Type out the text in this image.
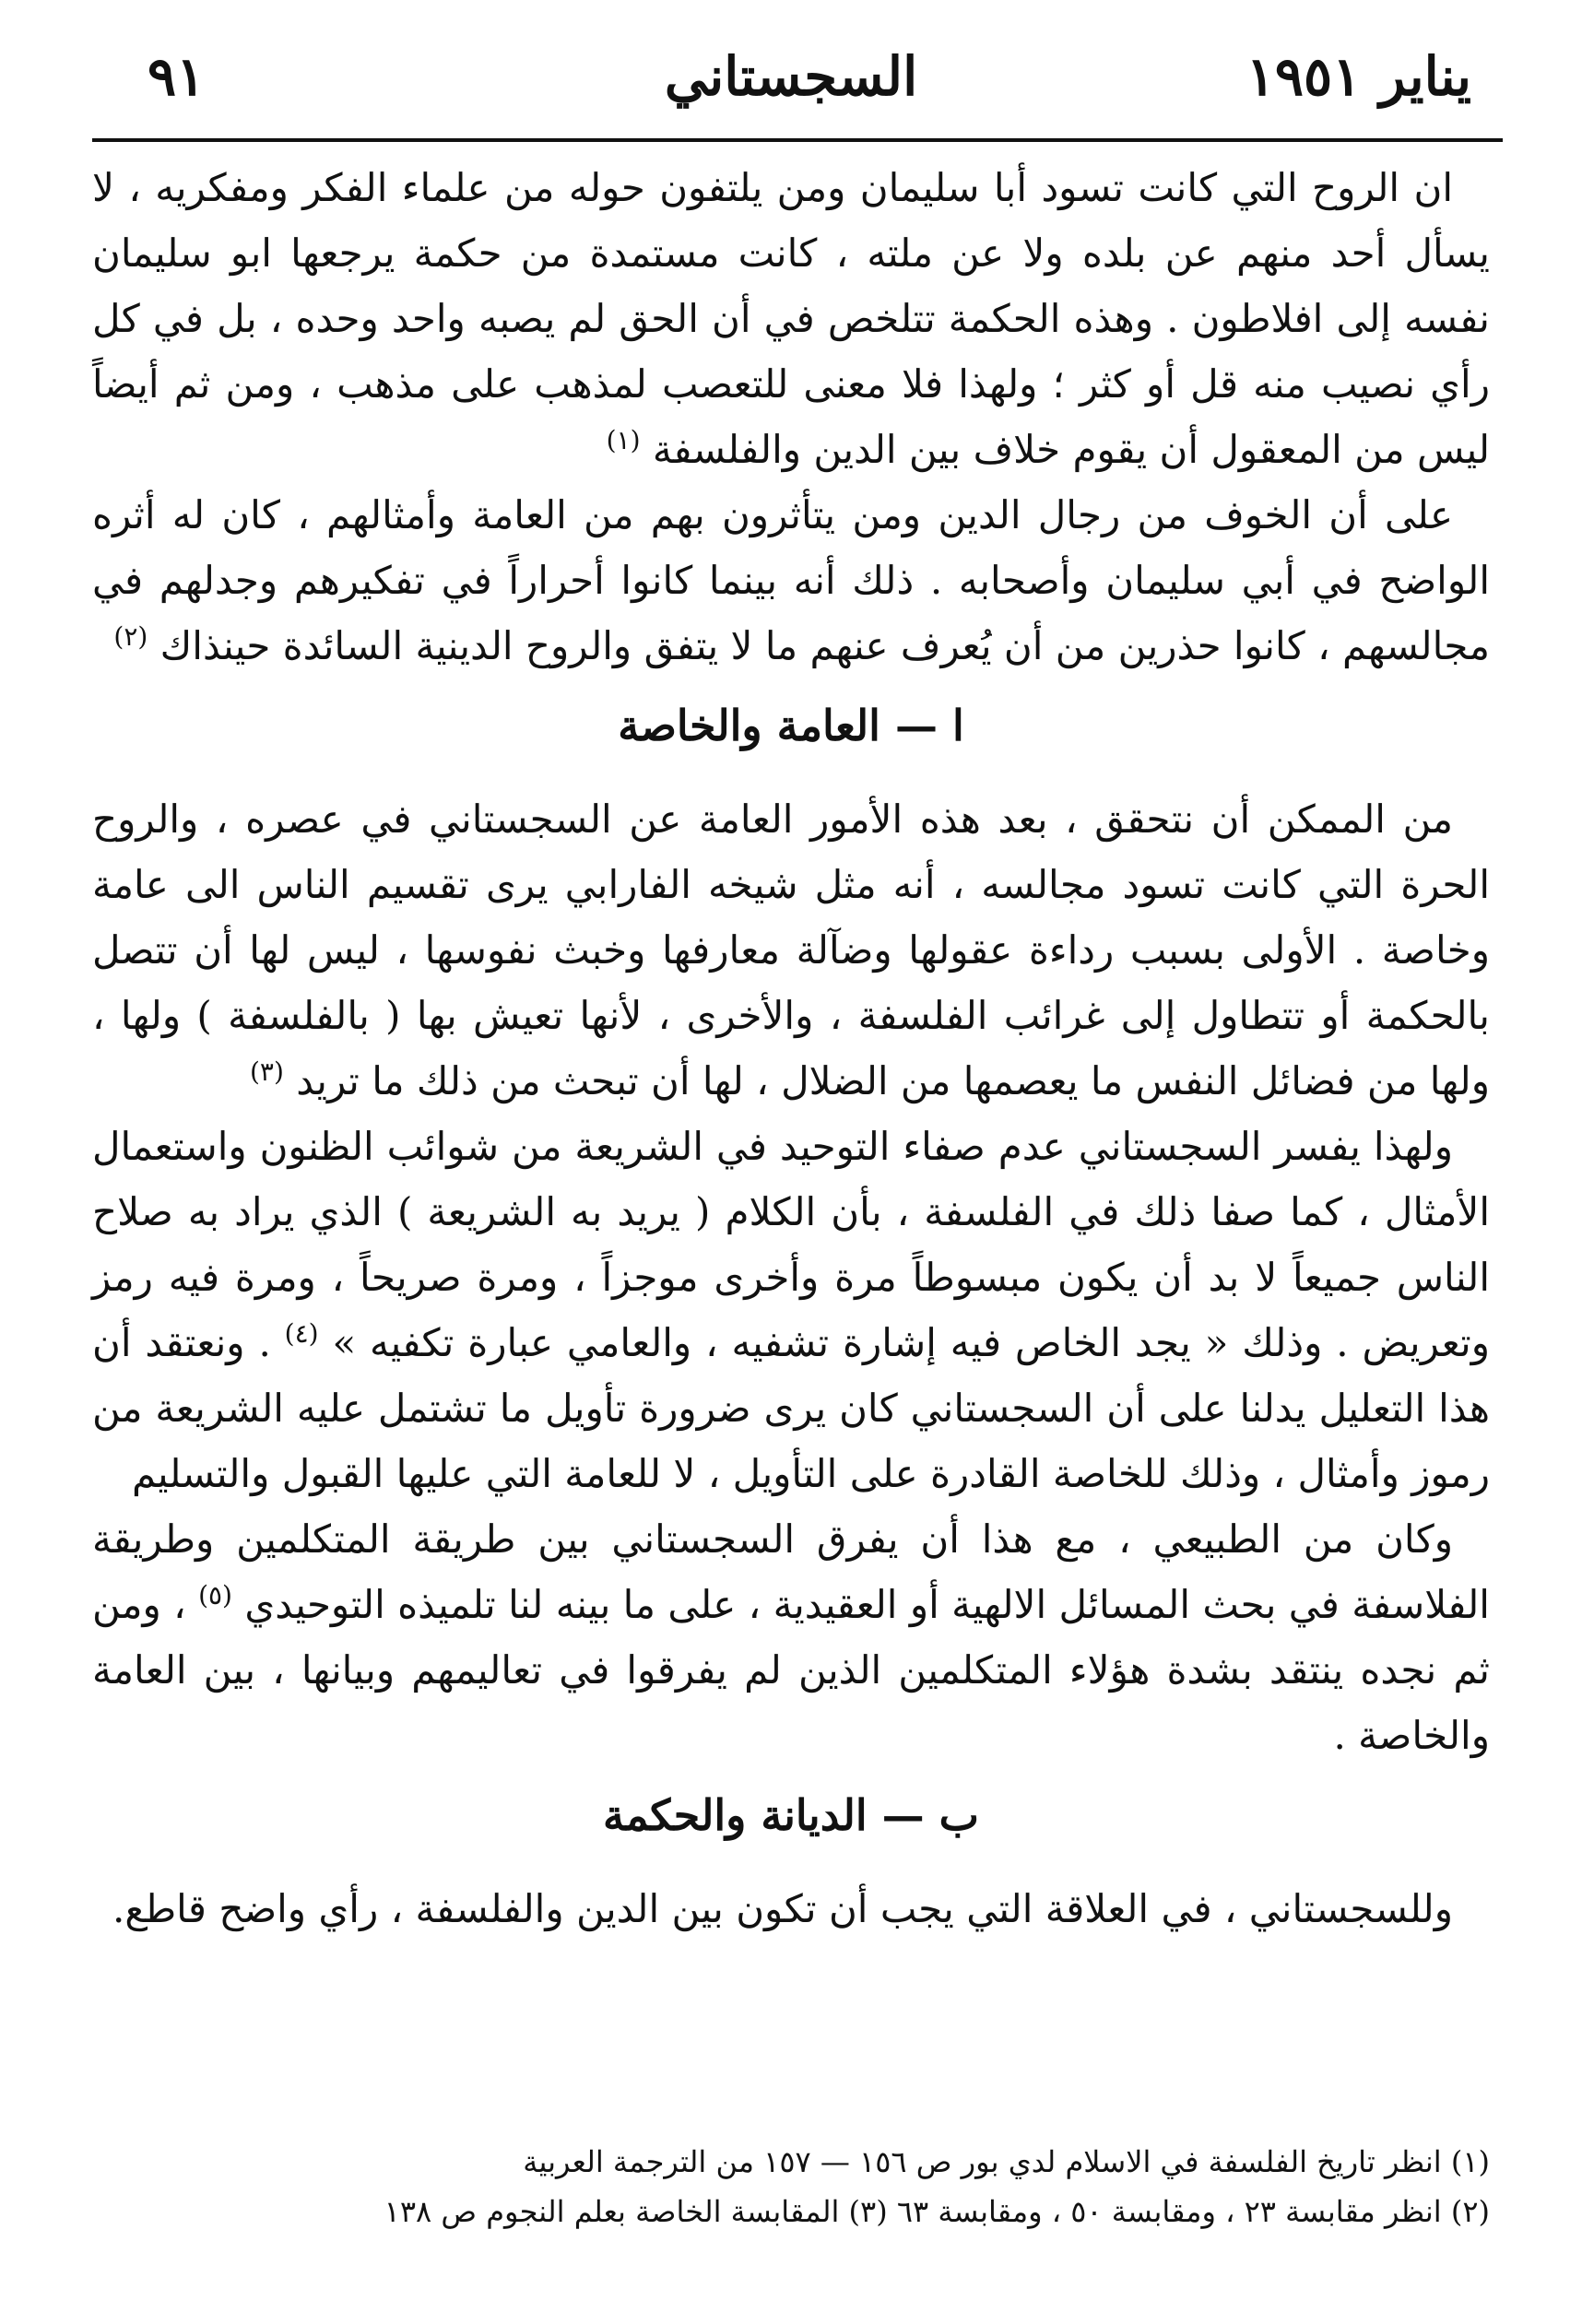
يناير ١٩٥١
السجستاني
٩١

ان الروح التي كانت تسود أبا سليمان ومن يلتفون حوله من علماء الفكر ومفكريه ، لا يسأل أحد منهم عن بلده ولا عن ملته ، كانت مستمدة من حكمة يرجعها ابو سليمان نفسه إلى افلاطون . وهذه الحكمة تتلخص في أن الحق لم يصبه واحد وحده ، بل في كل رأي نصيب منه قل أو كثر ؛ ولهذا فلا معنى للتعصب لمذهب على مذهب ، ومن ثم أيضاً ليس من المعقول أن يقوم خلاف بين الدين والفلسفة $^{(١)}$

على أن الخوف من رجال الدين ومن يتأثرون بهم من العامة وأمثالهم ، كان له أثره الواضح في أبي سليمان وأصحابه . ذلك أنه بينما كانوا أحراراً في تفكيرهم وجدلهم في مجالسهم ، كانوا حذرين من أن يُعرف عنهم ما لا يتفق والروح الدينية السائدة حينذاك $^{(٢)}$

ا — العامة والخاصة

من الممكن أن نتحقق ، بعد هذه الأمور العامة عن السجستاني في عصره ، والروح الحرة التي كانت تسود مجالسه ، أنه مثل شيخه الفارابي يرى تقسيم الناس الى عامة وخاصة . الأولى بسبب رداءة عقولها وضآلة معارفها وخبث نفوسها ، ليس لها أن تتصل بالحكمة أو تتطاول إلى غرائب الفلسفة ، والأخرى ، لأنها تعيش بها ( بالفلسفة ) ولها ، ولها من فضائل النفس ما يعصمها من الضلال ، لها أن تبحث من ذلك ما تريد $^{(٣)}$

ولهذا يفسر السجستاني عدم صفاء التوحيد في الشريعة من شوائب الظنون واستعمال الأمثال ، كما صفا ذلك في الفلسفة ، بأن الكلام ( يريد به الشريعة ) الذي يراد به صلاح الناس جميعاً لا بد أن يكون مبسوطاً مرة وأخرى موجزاً ، ومرة صريحاً ، ومرة فيه رمز وتعريض . وذلك « يجد الخاص فيه إشارة تشفيه ، والعامي عبارة تكفيه » $^{(٤)}$ . ونعتقد أن هذا التعليل يدلنا على أن السجستاني كان يرى ضرورة تأويل ما تشتمل عليه الشريعة من رموز وأمثال ، وذلك للخاصة القادرة على التأويل ، لا للعامة التي عليها القبول والتسليم

وكان من الطبيعي ، مع هذا أن يفرق السجستاني بين طريقة المتكلمين وطريقة الفلاسفة في بحث المسائل الالهية أو العقيدية ، على ما بينه لنا تلميذه التوحيدي $^{(٥)}$ ، ومن ثم نجده ينتقد بشدة هؤلاء المتكلمين الذين لم يفرقوا في تعاليمهم وبيانها ، بين العامة والخاصة .

ب — الديانة والحكمة

وللسجستاني ، في العلاقة التي يجب أن تكون بين الدين والفلسفة ، رأي واضح قاطع.

(١) انظر تاريخ الفلسفة في الاسلام لدي بور ص ١٥٦ — ١٥٧ من الترجمة العربية

(٢) انظر مقابسة ٢٣ ، ومقابسة ٥٠ ، ومقابسة ٦٣ (٣) المقابسة الخاصة بعلم النجوم ص ١٣٨
